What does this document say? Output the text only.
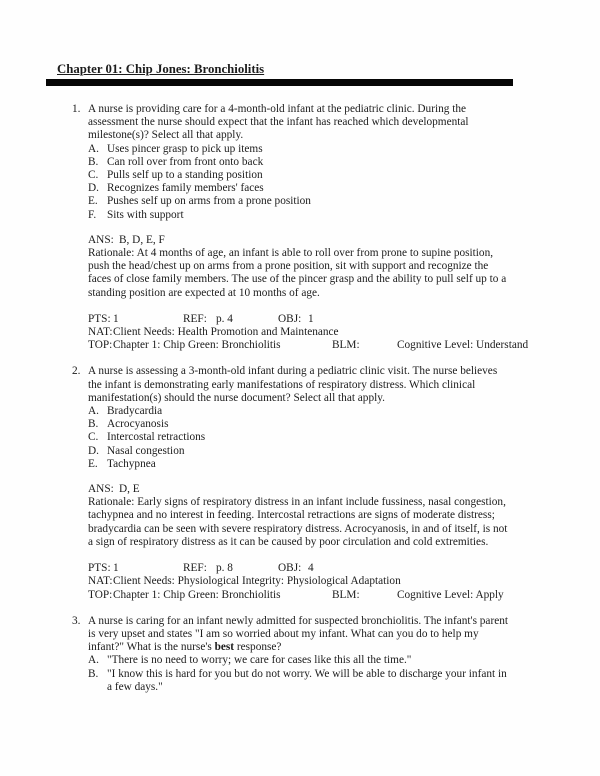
Chapter 01: Chip Jones: Bronchiolitis
1. A nurse is providing care for a 4-month-old infant at the pediatric clinic. During the assessment the nurse should expect that the infant has reached which developmental milestone(s)? Select all that apply.

A. Uses pincer grasp to pick up items
B. Can roll over from front onto back
C. Pulls self up to a standing position
D. Recognizes family members' faces
E. Pushes self up on arms from a prone position
F. Sits with support
ANS: B, D, E, F

Rationale: At 4 months of age, an infant is able to roll over from prone to supine position, push the head/chest up on arms from a prone position, sit with support and recognize the faces of close family members. The use of the pincer grasp and the ability to pull self up to a standing position are expected at 10 months of age.

PTS: 1	REF: p. 4	OBJ: 1
NAT:Client Needs: Health Promotion and Maintenance
TOP:Chapter 1: Chip Green: Bronchiolitis	BLM:	Cognitive Level: Understand
2. A nurse is assessing a 3-month-old infant during a pediatric clinic visit. The nurse believes the infant is demonstrating early manifestations of respiratory distress. Which clinical manifestation(s) should the nurse document? Select all that apply.

A. Bradycardia
B. Acrocyanosis
C. Intercostal retractions
D. Nasal congestion
E. Tachypnea
ANS: D, E

Rationale: Early signs of respiratory distress in an infant include fussiness, nasal congestion, tachypnea and no interest in feeding. Intercostal retractions are signs of moderate distress; bradycardia can be seen with severe respiratory distress. Acrocyanosis, in and of itself, is not a sign of respiratory distress as it can be caused by poor circulation and cold extremities.

PTS: 1	REF: p. 8	OBJ: 4
NAT:Client Needs: Physiological Integrity: Physiological Adaptation
TOP:Chapter 1: Chip Green: Bronchiolitis	BLM:	Cognitive Level: Apply
3. A nurse is caring for an infant newly admitted for suspected bronchiolitis. The infant's parent is very upset and states "I am so worried about my infant. What can you do to help my infant?" What is the nurse's best response?

A. "There is no need to worry; we care for cases like this all the time."
B. "I know this is hard for you but do not worry. We will be able to discharge your infant in a few days."
